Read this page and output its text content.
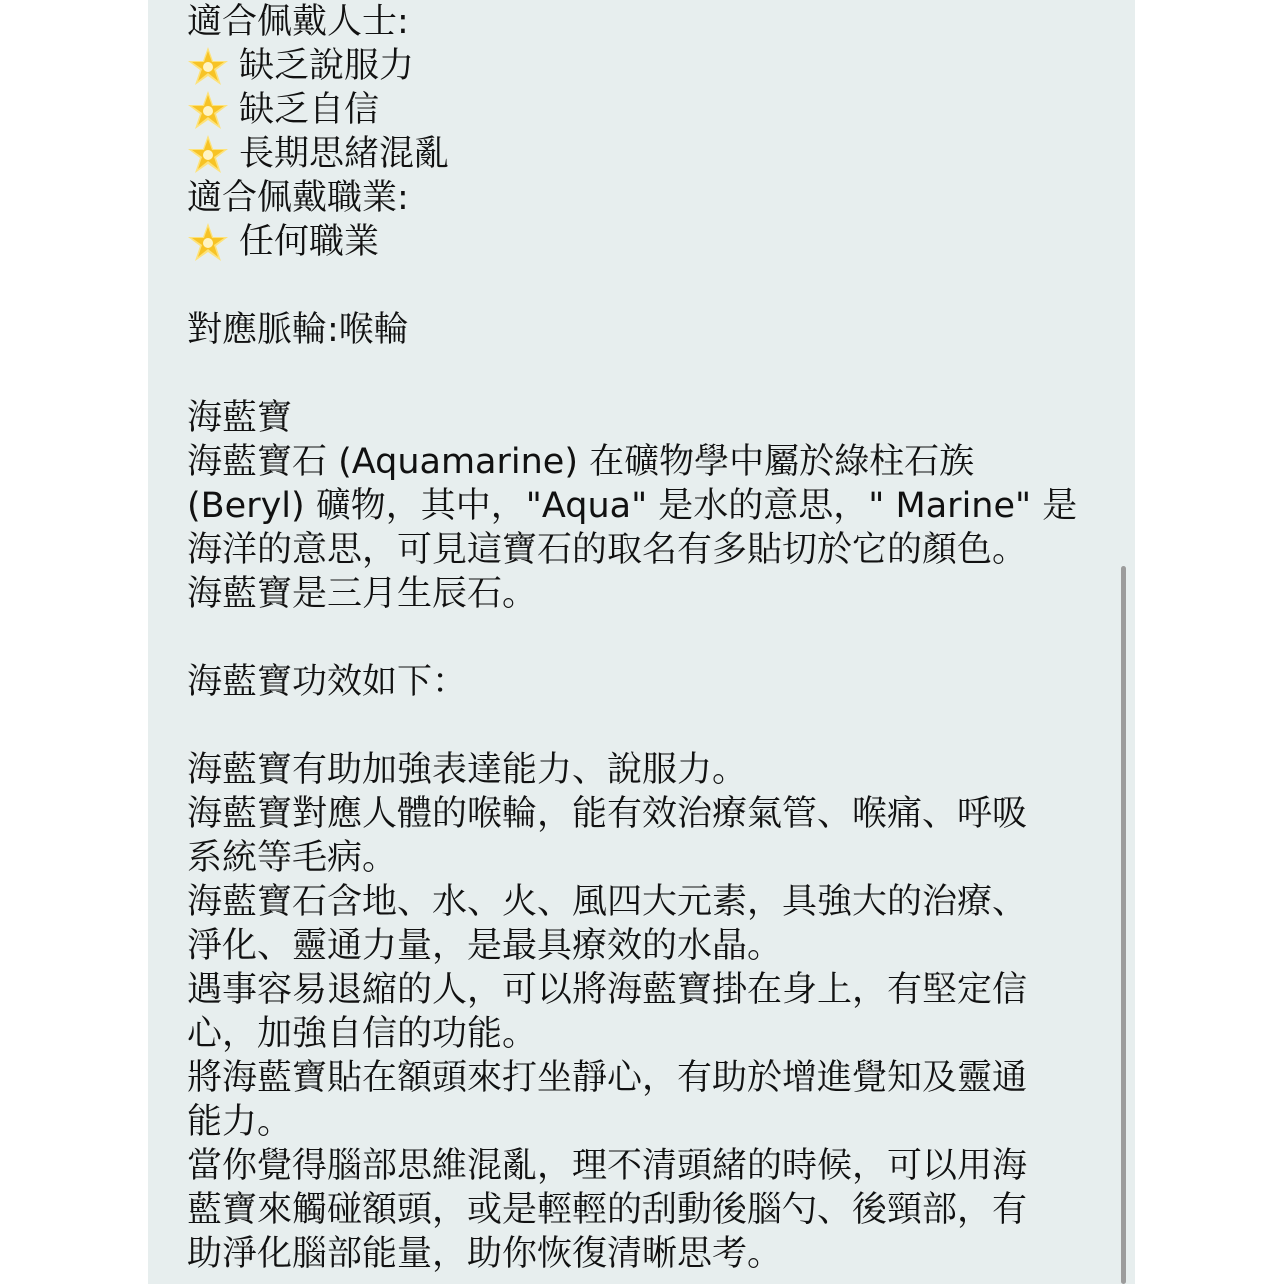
適合佩戴人士:
缺乏說服力
缺乏自信
長期思緒混亂
適合佩戴職業:
任何職業
對應脈輪:喉輪
海藍寶
海藍寶石 (Aquamarine) 在礦物學中屬於綠柱石族
(Beryl) 礦物，其中，"Aqua" 是水的意思，" Marine" 是
海洋的意思，可見這寶石的取名有多貼切於它的顏色。
海藍寶是三月生辰石。
海藍寶功效如下：
海藍寶有助加強表達能力、說服力。
海藍寶對應人體的喉輪，能有效治療氣管、喉痛、呼吸
系統等毛病。
海藍寶石含地、水、火、風四大元素，具強大的治療、
淨化、靈通力量，是最具療效的水晶。
遇事容易退縮的人，可以將海藍寶掛在身上，有堅定信
心，加強自信的功能。
將海藍寶貼在額頭來打坐靜心，有助於增進覺知及靈通
能力。
當你覺得腦部思維混亂，理不清頭緒的時候，可以用海
藍寶來觸碰額頭，或是輕輕的刮動後腦勺、後頸部，有
助淨化腦部能量，助你恢復清晰思考。
